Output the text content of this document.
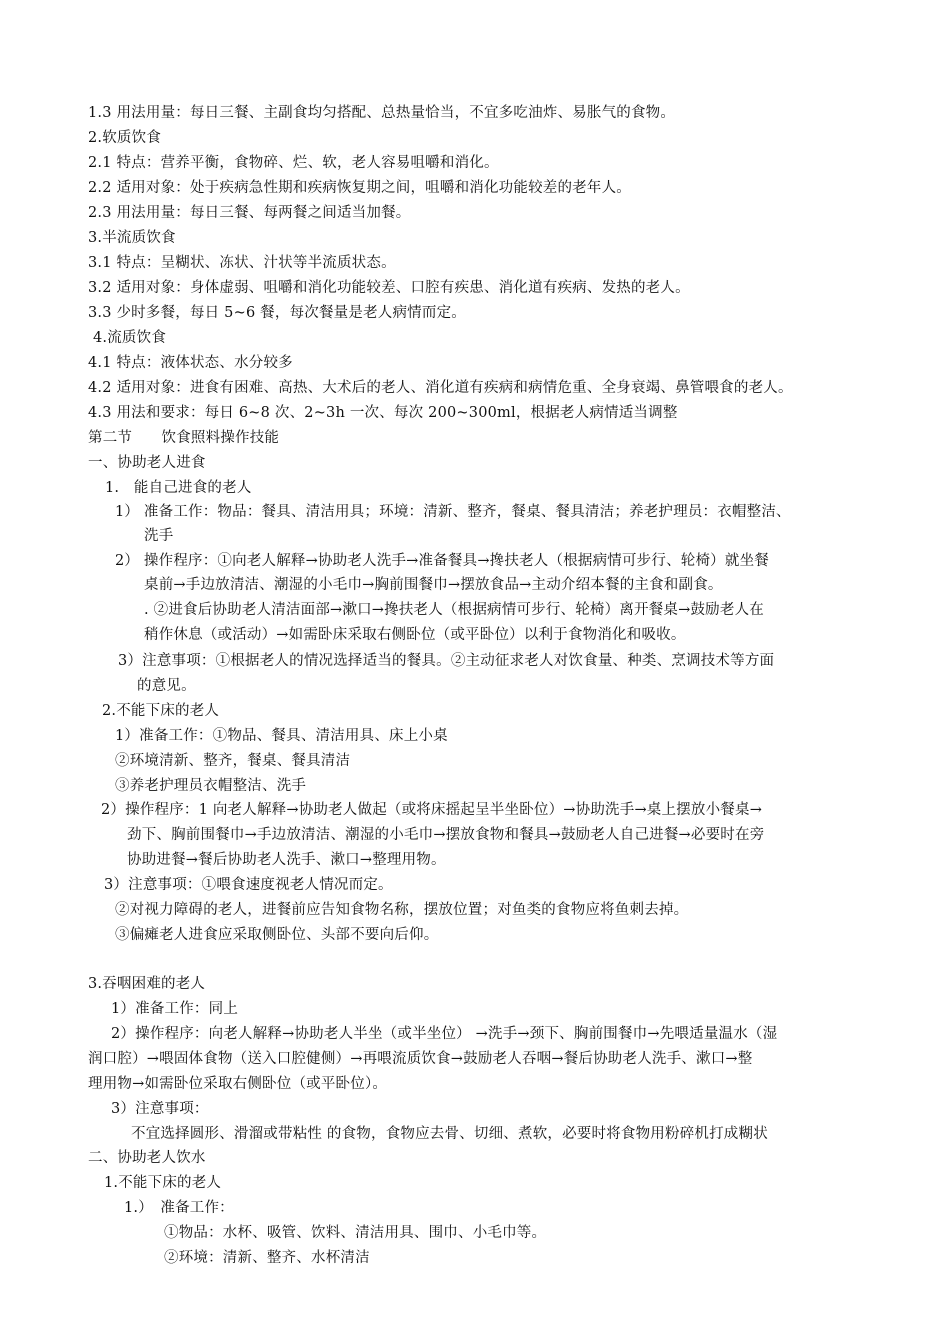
1.3 用法用量：每日三餐、主副食均匀搭配、总热量恰当，不宜多吃油炸、易胀气的食物。
2.软质饮食
2.1 特点：营养平衡，食物碎、烂、软，老人容易咀嚼和消化。
2.2 适用对象：处于疾病急性期和疾病恢复期之间，咀嚼和消化功能较差的老年人。
2.3 用法用量：每日三餐、每两餐之间适当加餐。
3.半流质饮食
3.1 特点：呈糊状、冻状、汁状等半流质状态。
3.2 适用对象：身体虚弱、咀嚼和消化功能较差、口腔有疾患、消化道有疾病、发热的老人。
3.3 少时多餐，每日 5~6 餐，每次餐量是老人病情而定。
4.流质饮食
4.1 特点：液体状态、水分较多
4.2 适用对象：进食有困难、高热、大术后的老人、消化道有疾病和病情危重、全身衰竭、鼻管喂食的老人。
4.3 用法和要求：每日 6~8 次、2~3h 一次、每次 200~300ml，根据老人病情适当调整
第二节　　饮食照料操作技能
一、协助老人进食
1.　能自己进食的老人
1） 准备工作：物品：餐具、清洁用具；环境：清新、整齐，餐桌、餐具清洁；养老护理员：衣帽整洁、
洗手
2） 操作程序：①向老人解释→协助老人洗手→准备餐具→搀扶老人（根据病情可步行、轮椅）就坐餐
桌前→手边放清洁、潮湿的小毛巾→胸前围餐巾→摆放食品→主动介绍本餐的主食和副食。
. ②进食后协助老人清洁面部→漱口→搀扶老人（根据病情可步行、轮椅）离开餐桌→鼓励老人在
稍作休息（或活动）→如需卧床采取右侧卧位（或平卧位）以利于食物消化和吸收。
3）注意事项：①根据老人的情况选择适当的餐具。②主动征求老人对饮食量、种类、烹调技术等方面
的意见。
2.不能下床的老人
1）准备工作：①物品、餐具、清洁用具、床上小桌
②环境清新、整齐，餐桌、餐具清洁
③养老护理员衣帽整洁、洗手
2）操作程序：1 向老人解释→协助老人做起（或将床摇起呈半坐卧位）→协助洗手→桌上摆放小餐桌→
劲下、胸前围餐巾→手边放清洁、潮湿的小毛巾→摆放食物和餐具→鼓励老人自己进餐→必要时在旁
协助进餐→餐后协助老人洗手、漱口→整理用物。
3）注意事项：①喂食速度视老人情况而定。
②对视力障碍的老人，进餐前应告知食物名称，摆放位置；对鱼类的食物应将鱼刺去掉。
③偏瘫老人进食应采取侧卧位、头部不要向后仰。
3.吞咽困难的老人
1）准备工作：同上
2）操作程序：向老人解释→协助老人半坐（或半坐位） →洗手→颈下、胸前围餐巾→先喂适量温水（湿
润口腔）→喂固体食物（送入口腔健侧）→再喂流质饮食→鼓励老人吞咽→餐后协助老人洗手、漱口→整
理用物→如需卧位采取右侧卧位（或平卧位）。
3）注意事项：
不宜选择圆形、滑溜或带粘性 的食物，食物应去骨、切细、煮软，必要时将食物用粉碎机打成糊状
二、协助老人饮水
1.不能下床的老人
1.）　准备工作：
①物品：水杯、吸管、饮料、清洁用具、围巾、小毛巾等。
②环境：清新、整齐、水杯清洁
